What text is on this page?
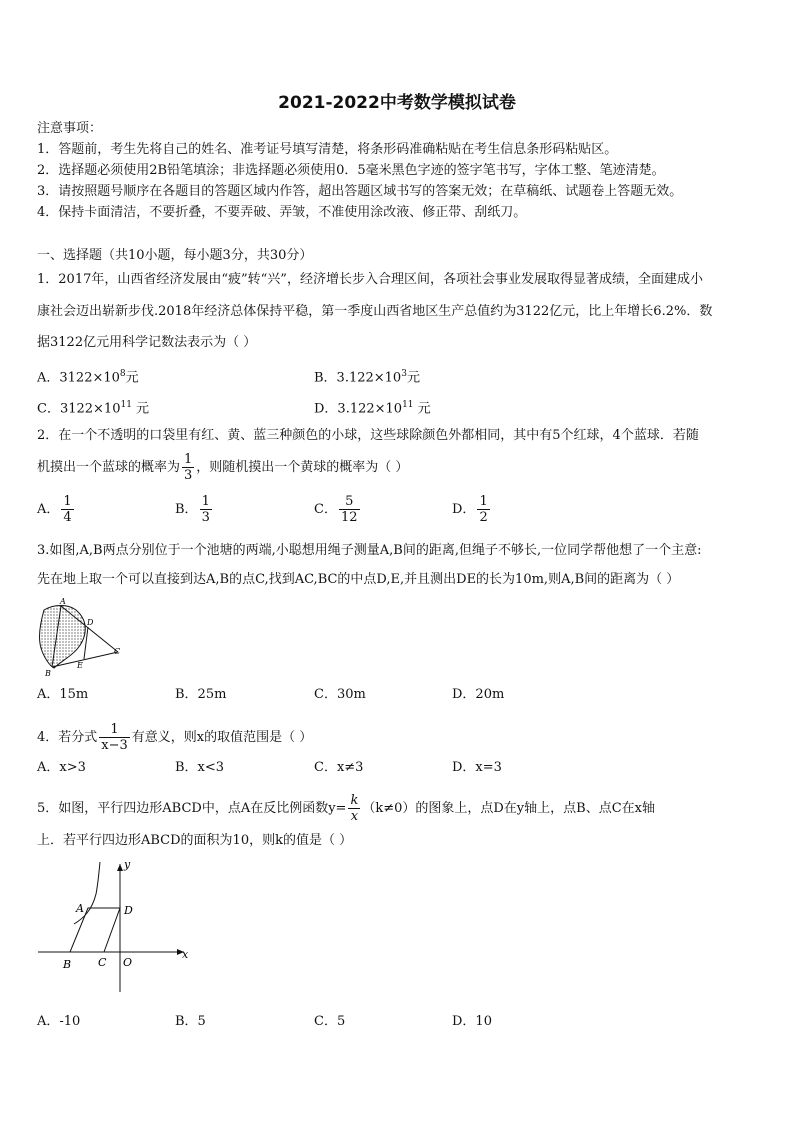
2021-2022中考数学模拟试卷
注意事项：
1．答题前，考生先将自己的姓名、准考证号填写清楚，将条形码准确粘贴在考生信息条形码粘贴区。
2．选择题必须使用2B铅笔填涂；非选择题必须使用0．5毫米黑色字迹的签字笔书写，字体工整、笔迹清楚。
3．请按照题号顺序在各题目的答题区域内作答，超出答题区域书写的答案无效；在草稿纸、试题卷上答题无效。
4．保持卡面清洁，不要折叠，不要弄破、弄皱，不准使用涂改液、修正带、刮纸刀。
一、选择题（共10小题，每小题3分，共30分）
1．2017年，山西省经济发展由“疲”转“兴”，经济增长步入合理区间，各项社会事业发展取得显著成绩，全面建成小
康社会迈出崭新步伐.2018年经济总体保持平稳，第一季度山西省地区生产总值约为3122亿元，比上年增长6.2%．数
据3122亿元用科学记数法表示为（ ）
A．$3122\times 10^8$元	B．$3.122\times 10^3$元
C．$3122\times 10^{11}$ 元	D．$3.122\times 10^{11}$ 元
2．在一个不透明的口袋里有红、黄、蓝三种颜色的小球，这些球除颜色外都相同，其中有5个红球，4个蓝球．若随
机摸出一个蓝球的概率为 $\frac{1}{3}$ ，则随机摸出一个黄球的概率为（ ）
A． $\frac{1}{4}$	B． $\frac{1}{3}$	C． $\frac{5}{12}$	D． $\frac{1}{2}$
3.如图,A,B两点分别位于一个池塘的两端,小聪想用绳子测量A,B间的距离,但绳子不够长,一位同学帮他想了一个主意:
先在地上取一个可以直接到达A,B的点C,找到AC,BC的中点D,E,并且测出DE的长为10m,则A,B间的距离为（ ）
A
D
E
C
B
A．15m	B．25m	C．30m	D．20m
4．若分式 $\frac{1}{x-3}$ 有意义，则x的取值范围是（ ）
A．x>3	B．x<3	C．x≠3	D．x=3
5．如图，平行四边形ABCD中，点A在反比例函数$y= \frac{k}{x} (k\ne 0)$的图象上，点D在y轴上，点B、点C在x轴
上．若平行四边形ABCD的面积为10，则k的值是（ ）
y
A	D
x
B C O
A．-10	B．5	C．5	D．10
